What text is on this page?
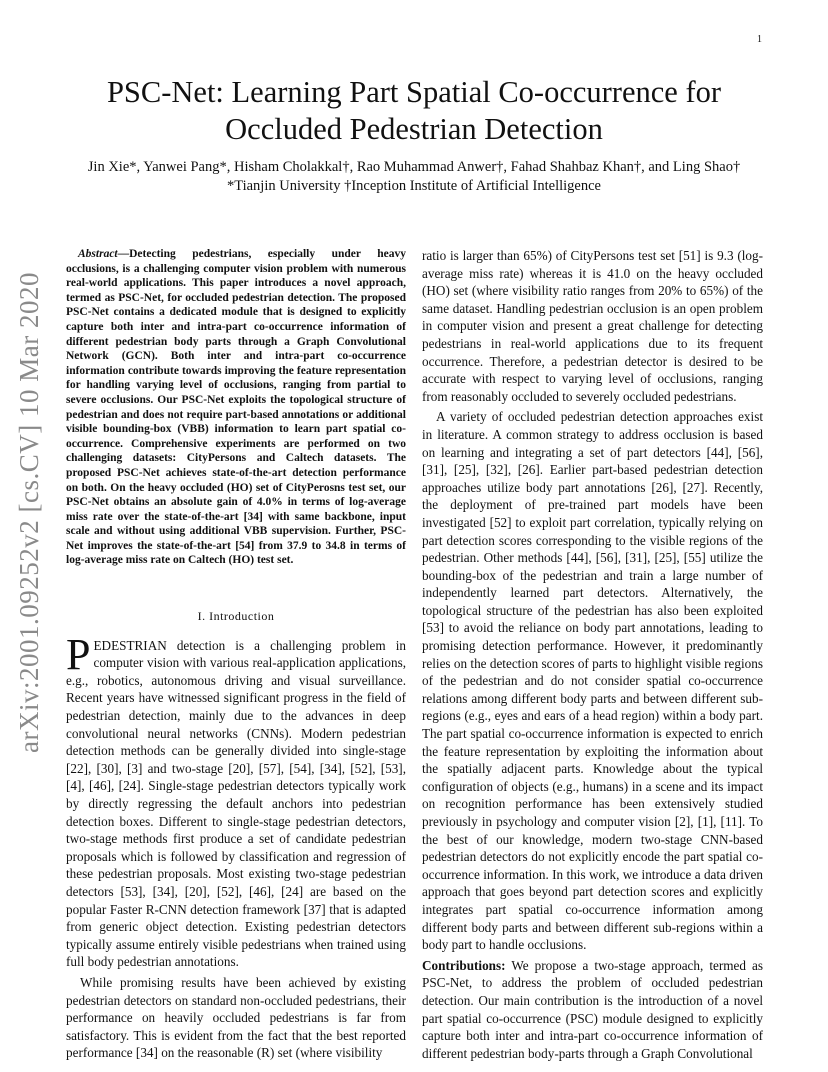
1
arXiv:2001.09252v2 [cs.CV] 10 Mar 2020
PSC-Net: Learning Part Spatial Co-occurrence for Occluded Pedestrian Detection
Jin Xie*, Yanwei Pang*, Hisham Cholakkal†, Rao Muhammad Anwer†, Fahad Shahbaz Khan†, and Ling Shao†
*Tianjin University †Inception Institute of Artificial Intelligence

Abstract—Detecting pedestrians, especially under heavy occlusions, is a challenging computer vision problem with numerous real-world applications. This paper introduces a novel approach, termed as PSC-Net, for occluded pedestrian detection. The proposed PSC-Net contains a dedicated module that is designed to explicitly capture both inter and intra-part co-occurrence information of different pedestrian body parts through a Graph Convolutional Network (GCN). Both inter and intra-part co-occurrence information contribute towards improving the feature representation for handling varying level of occlusions, ranging from partial to severe occlusions. Our PSC-Net exploits the topological structure of pedestrian and does not require part-based annotations or additional visible bounding-box (VBB) information to learn part spatial co-occurrence. Comprehensive experiments are performed on two challenging datasets: CityPersons and Caltech datasets. The proposed PSC-Net achieves state-of-the-art detection performance on both. On the heavy occluded (HO) set of CityPerosns test set, our PSC-Net obtains an absolute gain of 4.0% in terms of log-average miss rate over the state-of-the-art [34] with same backbone, input scale and without using additional VBB supervision. Further, PSC-Net improves the state-of-the-art [54] from 37.9 to 34.8 in terms of log-average miss rate on Caltech (HO) test set.

I. Introduction

PEDESTRIAN detection is a challenging problem in computer vision with various real-application applications, e.g., robotics, autonomous driving and visual surveillance. Recent years have witnessed significant progress in the field of pedestrian detection, mainly due to the advances in deep convolutional neural networks (CNNs). Modern pedestrian detection methods can be generally divided into single-stage [22], [30], [3] and two-stage [20], [57], [54], [34], [52], [53], [4], [46], [24]. Single-stage pedestrian detectors typically work by directly regressing the default anchors into pedestrian detection boxes. Different to single-stage pedestrian detectors, two-stage methods first produce a set of candidate pedestrian proposals which is followed by classification and regression of these pedestrian proposals. Most existing two-stage pedestrian detectors [53], [34], [20], [52], [46], [24] are based on the popular Faster R-CNN detection framework [37] that is adapted from generic object detection. Existing pedestrian detectors typically assume entirely visible pedestrians when trained using full body pedestrian annotations.

While promising results have been achieved by existing pedestrian detectors on standard non-occluded pedestrians, their performance on heavily occluded pedestrians is far from satisfactory. This is evident from the fact that the best reported performance [34] on the reasonable (R) set (where visibility

ratio is larger than 65%) of CityPersons test set [51] is 9.3 (log-average miss rate) whereas it is 41.0 on the heavy occluded (HO) set (where visibility ratio ranges from 20% to 65%) of the same dataset. Handling pedestrian occlusion is an open problem in computer vision and present a great challenge for detecting pedestrians in real-world applications due to its frequent occurrence. Therefore, a pedestrian detector is desired to be accurate with respect to varying level of occlusions, ranging from reasonably occluded to severely occluded pedestrians.

A variety of occluded pedestrian detection approaches exist in literature. A common strategy to address occlusion is based on learning and integrating a set of part detectors [44], [56], [31], [25], [32], [26]. Earlier part-based pedestrian detection approaches utilize body part annotations [26], [27]. Recently, the deployment of pre-trained part models have been investigated [52] to exploit part correlation, typically relying on part detection scores corresponding to the visible regions of the pedestrian. Other methods [44], [56], [31], [25], [55] utilize the bounding-box of the pedestrian and train a large number of independently learned part detectors. Alternatively, the topological structure of the pedestrian has also been exploited [53] to avoid the reliance on body part annotations, leading to promising detection performance. However, it predominantly relies on the detection scores of parts to highlight visible regions of the pedestrian and do not consider spatial co-occurrence relations among different body parts and between different sub-regions (e.g., eyes and ears of a head region) within a body part. The part spatial co-occurrence information is expected to enrich the feature representation by exploiting the information about the spatially adjacent parts. Knowledge about the typical configuration of objects (e.g., humans) in a scene and its impact on recognition performance has been extensively studied previously in psychology and computer vision [2], [1], [11]. To the best of our knowledge, modern two-stage CNN-based pedestrian detectors do not explicitly encode the part spatial co-occurrence information. In this work, we introduce a data driven approach that goes beyond part detection scores and explicitly integrates part spatial co-occurrence information among different body parts and between different sub-regions within a body part to handle occlusions.

Contributions: We propose a two-stage approach, termed as PSC-Net, to address the problem of occluded pedestrian detection. Our main contribution is the introduction of a novel part spatial co-occurrence (PSC) module designed to explicitly capture both inter and intra-part co-occurrence information of different pedestrian body-parts through a Graph Convolutional
